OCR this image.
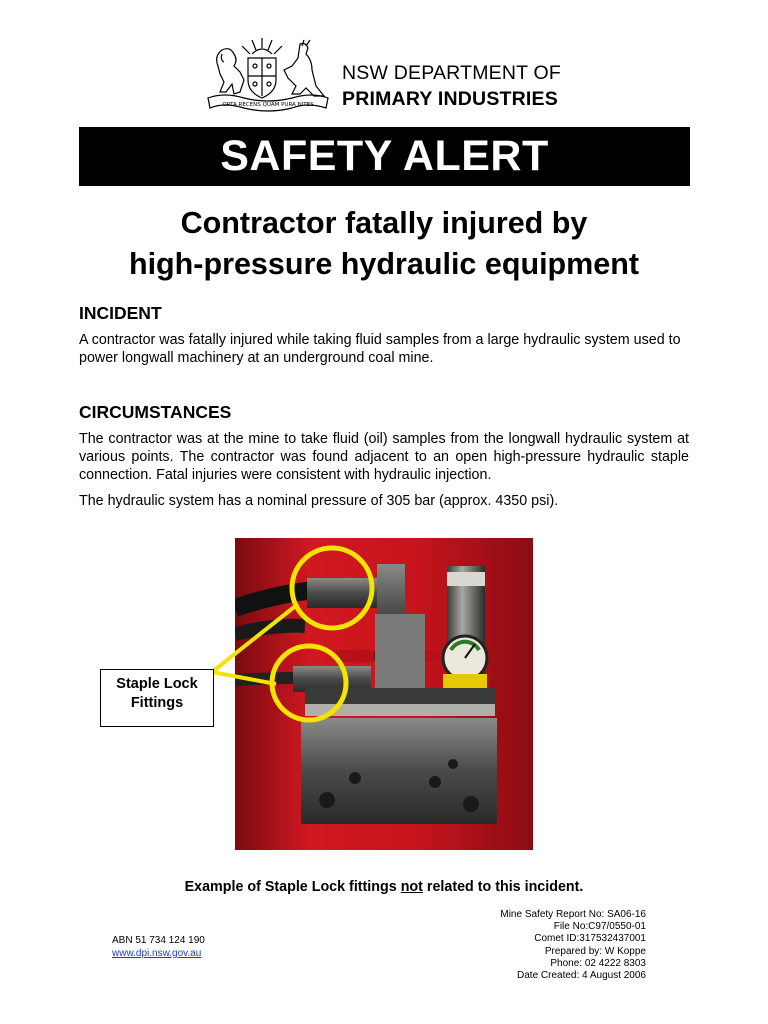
ORTA RECENS QUAM PURA NITES
NSW DEPARTMENT OF
PRIMARY INDUSTRIES
SAFETY ALERT
Contractor fatally injured by
high-pressure hydraulic equipment
INCIDENT
A contractor was fatally injured while taking fluid samples from a large hydraulic system used to power longwall machinery at an underground coal mine.
CIRCUMSTANCES
The contractor was at the mine to take fluid (oil) samples from the longwall hydraulic system at various points. The contractor was found adjacent to an open high-pressure hydraulic staple connection. Fatal injuries were consistent with hydraulic injection.
The hydraulic system has a nominal pressure of 305 bar (approx. 4350 psi).
Staple Lock
Fittings
Example of Staple Lock fittings not related to this incident.
ABN 51 734 124 190
www.dpi.nsw.gov.au
Mine Safety Report No: SA06-16
File No:C97/0550-01
Comet ID:317532437001
Prepared by: W Koppe
Phone: 02 4222 8303
Date Created: 4 August 2006
